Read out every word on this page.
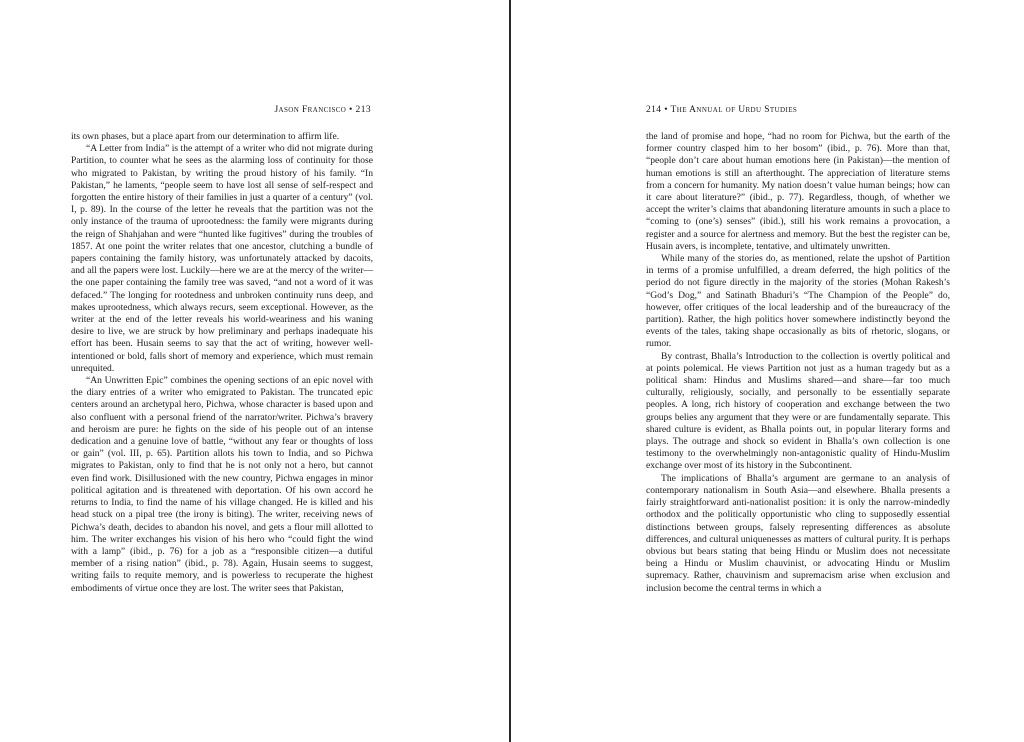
Jason Francisco • 213

its own phases, but a place apart from our determination to affirm life.

“A Letter from India” is the attempt of a writer who did not migrate during Partition, to counter what he sees as the alarming loss of continuity for those who migrated to Pakistan, by writing the proud history of his family. “In Pakistan,” he laments, “people seem to have lost all sense of self-respect and forgotten the entire history of their families in just a quarter of a century” (vol. I, p. 89). In the course of the letter he reveals that the partition was not the only instance of the trauma of uprootedness: the family were migrants during the reign of Shahjahan and were “hunted like fugitives” during the troubles of 1857. At one point the writer relates that one ancestor, clutching a bundle of papers containing the family history, was unfortunately attacked by dacoits, and all the papers were lost. Luckily—here we are at the mercy of the writer—the one paper containing the family tree was saved, “and not a word of it was defaced.” The longing for rootedness and unbroken continuity runs deep, and makes uprootedness, which always recurs, seem exceptional. However, as the writer at the end of the letter reveals his world-weariness and his waning desire to live, we are struck by how preliminary and perhaps inadequate his effort has been. Husain seems to say that the act of writing, however well-intentioned or bold, falls short of memory and experience, which must remain unrequited.

“An Unwritten Epic” combines the opening sections of an epic novel with the diary entries of a writer who emigrated to Pakistan. The truncated epic centers around an archetypal hero, Pichwa, whose character is based upon and also confluent with a personal friend of the narrator/writer. Pichwa’s bravery and heroism are pure: he fights on the side of his people out of an intense dedication and a genuine love of battle, “without any fear or thoughts of loss or gain” (vol. III, p. 65). Partition allots his town to India, and so Pichwa migrates to Pakistan, only to find that he is not only not a hero, but cannot even find work. Disillusioned with the new country, Pichwa engages in minor political agitation and is threatened with deportation. Of his own accord he returns to India, to find the name of his village changed. He is killed and his head stuck on a pipal tree (the irony is biting). The writer, receiving news of Pichwa’s death, decides to abandon his novel, and gets a flour mill allotted to him. The writer exchanges his vision of his hero who “could fight the wind with a lamp” (ibid., p. 76) for a job as a “responsible citizen—a dutiful member of a rising nation” (ibid., p. 78). Again, Husain seems to suggest, writing fails to requite memory, and is powerless to recuperate the highest embodiments of virtue once they are lost. The writer sees that Pakistan,

214 • The Annual of Urdu Studies

the land of promise and hope, “had no room for Pichwa, but the earth of the former country clasped him to her bosom” (ibid., p. 76). More than that, “people don’t care about human emotions here (in Pakistan)—the mention of human emotions is still an afterthought. The appreciation of literature stems from a concern for humanity. My nation doesn’t value human beings; how can it care about literature?” (ibid., p. 77). Regardless, though, of whether we accept the writer’s claims that abandoning literature amounts in such a place to “coming to (one’s) senses” (ibid.), still his work remains a provocation, a register and a source for alertness and memory. But the best the register can be, Husain avers, is incomplete, tentative, and ultimately unwritten.

While many of the stories do, as mentioned, relate the upshot of Partition in terms of a promise unfulfilled, a dream deferred, the high politics of the period do not figure directly in the majority of the stories (Mohan Rakesh’s “God’s Dog,” and Satinath Bhaduri’s “The Champion of the People” do, however, offer critiques of the local leadership and of the bureaucracy of the partition). Rather, the high politics hover somewhere indistinctly beyond the events of the tales, taking shape occasionally as bits of rhetoric, slogans, or rumor.

By contrast, Bhalla’s Introduction to the collection is overtly political and at points polemical. He views Partition not just as a human tragedy but as a political sham: Hindus and Muslims shared—and share—far too much culturally, religiously, socially, and personally to be essentially separate peoples. A long, rich history of cooperation and exchange between the two groups belies any argument that they were or are fundamentally separate. This shared culture is evident, as Bhalla points out, in popular literary forms and plays. The outrage and shock so evident in Bhalla’s own collection is one testimony to the overwhelmingly non-antagonistic quality of Hindu-Muslim exchange over most of its history in the Subcontinent.

The implications of Bhalla’s argument are germane to an analysis of contemporary nationalism in South Asia—and elsewhere. Bhalla presents a fairly straightforward anti-nationalist position: it is only the narrow-mindedly orthodox and the politically opportunistic who cling to supposedly essential distinctions between groups, falsely representing differences as absolute differences, and cultural uniquenesses as matters of cultural purity. It is perhaps obvious but bears stating that being Hindu or Muslim does not necessitate being a Hindu or Muslim chauvinist, or advocating Hindu or Muslim supremacy. Rather, chauvinism and supremacism arise when exclusion and inclusion become the central terms in which a
